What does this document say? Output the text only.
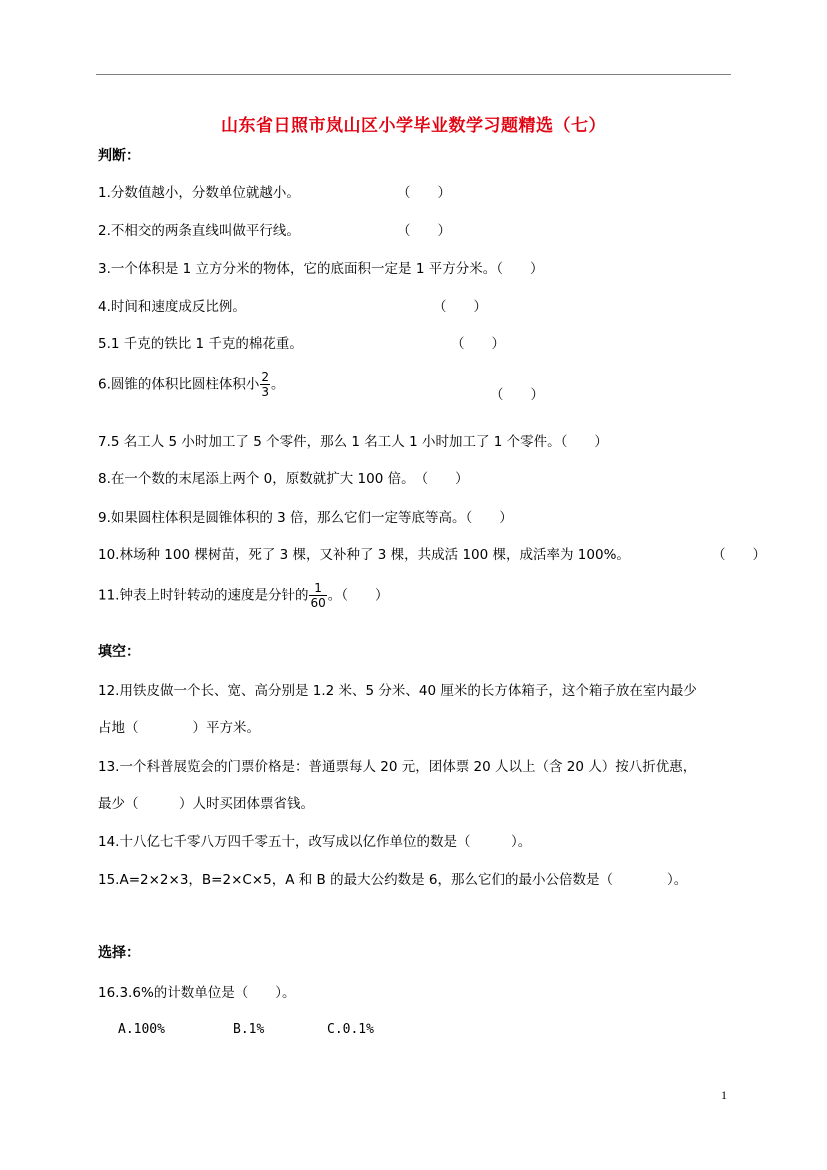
山东省日照市岚山区小学毕业数学习题精选（七）
判断：
1.分数值越小，分数单位就越小。	（　　）
2.不相交的两条直线叫做平行线。	（　　）
3.一个体积是 1 立方分米的物体，它的底面积一定是 1 平方分米。（　　）
4.时间和速度成反比例。	（　　）
5.1 千克的铁比 1 千克的棉花重。	（　　）
6.圆锥的体积比圆柱体积小 $\frac{2}{3}$ 。
（　　）
7.5 名工人 5 小时加工了 5 个零件，那么 1 名工人 1 小时加工了 1 个零件。（　　）
8.在一个数的末尾添上两个 0，原数就扩大 100 倍。　（　　）
9.如果圆柱体积是圆锥体积的 3 倍，那么它们一定等底等高。（　　）
10.林场种 100 棵树苗，死了 3 棵，又补种了 3 棵，共成活 100 棵，成活率为 100%。	（　　）
11.钟表上时针转动的速度是分针的 $\frac{1}{60}$ 。（　　）
填空：
12.用铁皮做一个长、宽、高分别是 1.2 米、5 分米、40 厘米的长方体箱子，这个箱子放在室内最少
占地（　　　　）平方米。
13.一个科普展览会的门票价格是：普通票每人 20 元，团体票 20 人以上（含 20 人）按八折优惠，
最少（　　　）人时买团体票省钱。
14.十八亿七千零八万四千零五十，改写成以亿作单位的数是（　　　）。
15.A=2×2×3，B=2×C×5，A 和 B 的最大公约数是 6，那么它们的最小公倍数是（　　　　）。
选择：
16.3.6%的计数单位是（　　）。
A.100%	B.1%	C.0.1%
1
